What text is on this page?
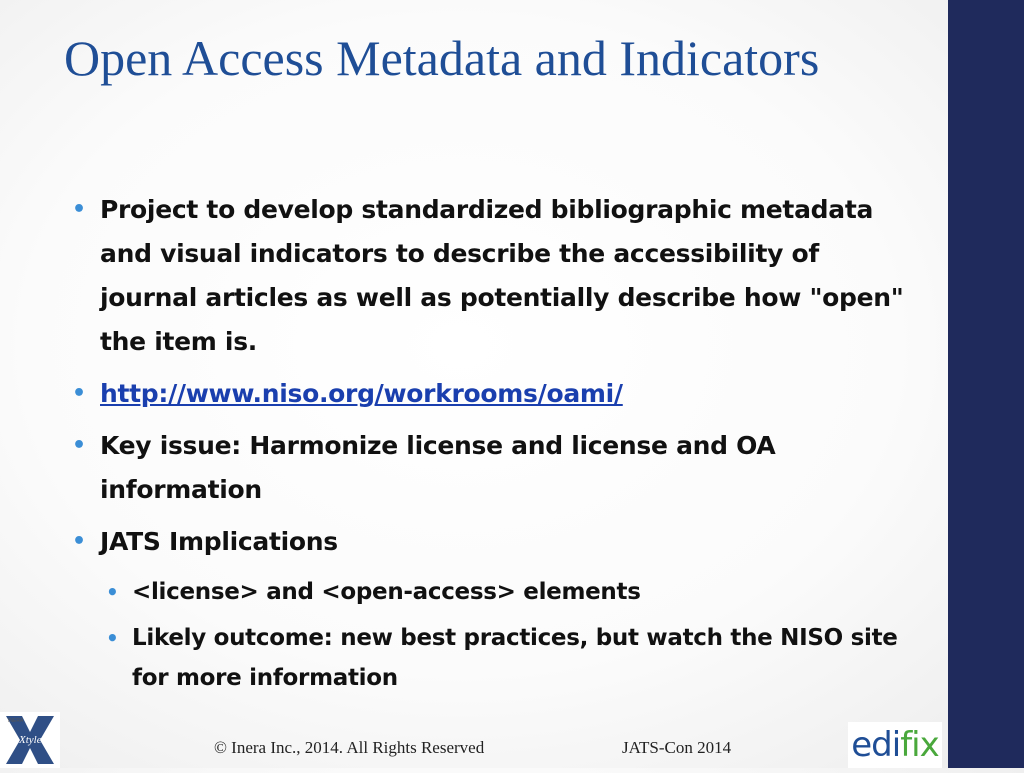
Open Access Metadata and Indicators
• Project to develop standardized bibliographic metadata and visual indicators to describe the accessibility of journal articles as well as potentially describe how "open" the item is.
• http://www.niso.org/workrooms/oami/
• Key issue: Harmonize license and license and OA information
• JATS Implications
• <license> and <open-access> elements
• Likely outcome: new best practices, but watch the NISO site for more information
eXtyles
INERA
© Inera Inc., 2014. All Rights Reserved	JATS-Con 2014	edifix
